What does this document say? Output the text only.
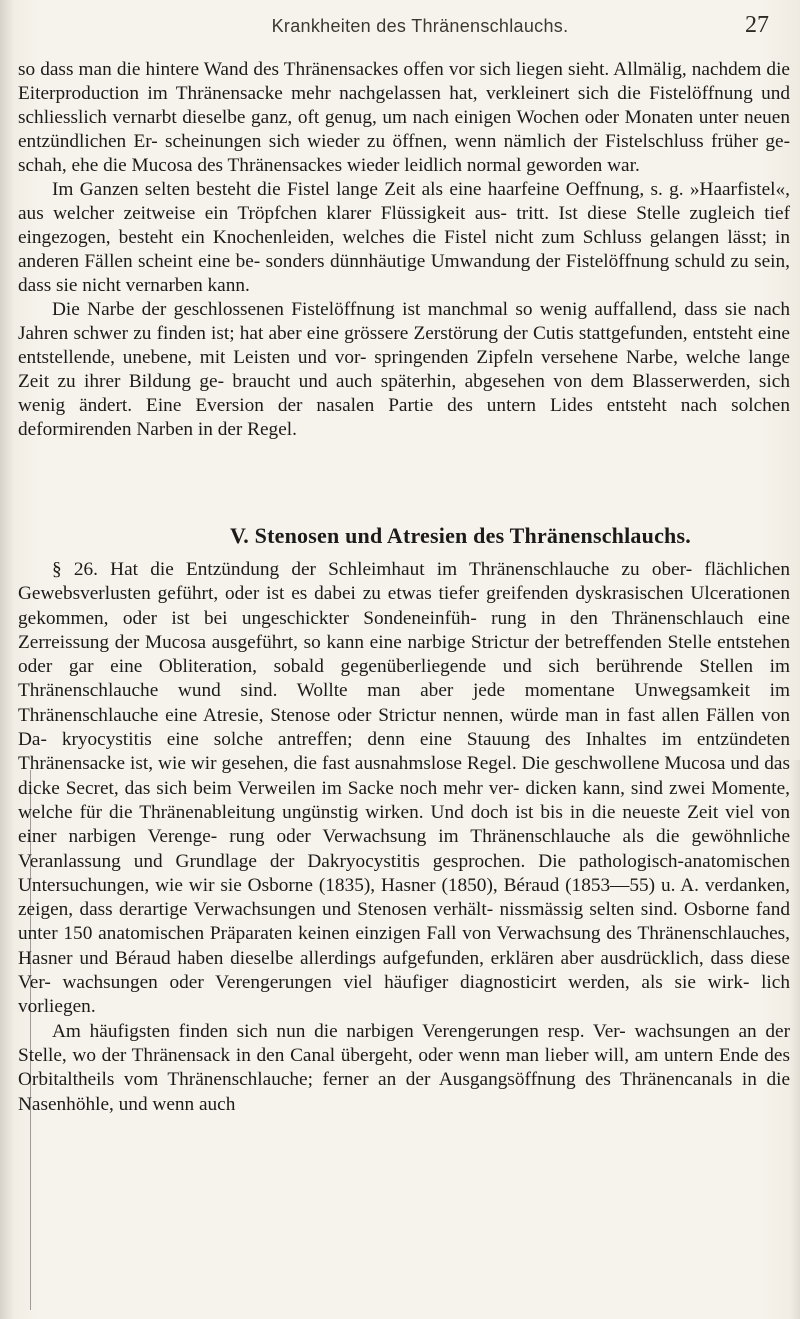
Krankheiten des Thränenschlauchs.	27

so dass man die hintere Wand des Thränensackes offen vor sich liegen sieht. Allmälig, nachdem die Eiterproduction im Thränensacke mehr nachgelassen hat, verkleinert sich die Fistelöffnung und schliesslich vernarbt dieselbe ganz, oft genug, um nach einigen Wochen oder Monaten unter neuen entzündlichen Er- scheinungen sich wieder zu öffnen, wenn nämlich der Fistelschluss früher ge- schah, ehe die Mucosa des Thränensackes wieder leidlich normal geworden war.

Im Ganzen selten besteht die Fistel lange Zeit als eine haarfeine Oeffnung, s. g. »Haarfistel«, aus welcher zeitweise ein Tröpfchen klarer Flüssigkeit aus- tritt. Ist diese Stelle zugleich tief eingezogen, besteht ein Knochenleiden, welches die Fistel nicht zum Schluss gelangen lässt; in anderen Fällen scheint eine be- sonders dünnhäutige Umwandung der Fistelöffnung schuld zu sein, dass sie nicht vernarben kann.

Die Narbe der geschlossenen Fistelöffnung ist manchmal so wenig auffallend, dass sie nach Jahren schwer zu finden ist; hat aber eine grössere Zerstörung der Cutis stattgefunden, entsteht eine entstellende, unebene, mit Leisten und vor- springenden Zipfeln versehene Narbe, welche lange Zeit zu ihrer Bildung ge- braucht und auch späterhin, abgesehen von dem Blasserwerden, sich wenig ändert. Eine Eversion der nasalen Partie des untern Lides entsteht nach solchen deformirenden Narben in der Regel.

V. Stenosen und Atresien des Thränenschlauchs.

§ 26. Hat die Entzündung der Schleimhaut im Thränenschlauche zu ober- flächlichen Gewebsverlusten geführt, oder ist es dabei zu etwas tiefer greifenden dyskrasischen Ulcerationen gekommen, oder ist bei ungeschickter Sondeneinfüh- rung in den Thränenschlauch eine Zerreissung der Mucosa ausgeführt, so kann eine narbige Strictur der betreffenden Stelle entstehen oder gar eine Obliteration, sobald gegenüberliegende und sich berührende Stellen im Thränenschlauche wund sind. Wollte man aber jede momentane Unwegsamkeit im Thränenschlauche eine Atresie, Stenose oder Strictur nennen, würde man in fast allen Fällen von Da- kryocystitis eine solche antreffen; denn eine Stauung des Inhaltes im entzündeten Thränensacke ist, wie wir gesehen, die fast ausnahmslose Regel. Die geschwollene Mucosa und das dicke Secret, das sich beim Verweilen im Sacke noch mehr ver- dicken kann, sind zwei Momente, welche für die Thränenableitung ungünstig wirken. Und doch ist bis in die neueste Zeit viel von einer narbigen Verenge- rung oder Verwachsung im Thränenschlauche als die gewöhnliche Veranlassung und Grundlage der Dakryocystitis gesprochen. Die pathologisch-anatomischen Untersuchungen, wie wir sie Osborne (1835), Hasner (1850), Béraud (1853—55) u. A. verdanken, zeigen, dass derartige Verwachsungen und Stenosen verhält- nissmässig selten sind. Osborne fand unter 150 anatomischen Präparaten keinen einzigen Fall von Verwachsung des Thränenschlauches, Hasner und Béraud haben dieselbe allerdings aufgefunden, erklären aber ausdrücklich, dass diese Ver- wachsungen oder Verengerungen viel häufiger diagnosticirt werden, als sie wirk- lich vorliegen.

Am häufigsten finden sich nun die narbigen Verengerungen resp. Ver- wachsungen an der Stelle, wo der Thränensack in den Canal übergeht, oder wenn man lieber will, am untern Ende des Orbitaltheils vom Thränenschlauche; ferner an der Ausgangsöffnung des Thränencanals in die Nasenhöhle, und wenn auch
